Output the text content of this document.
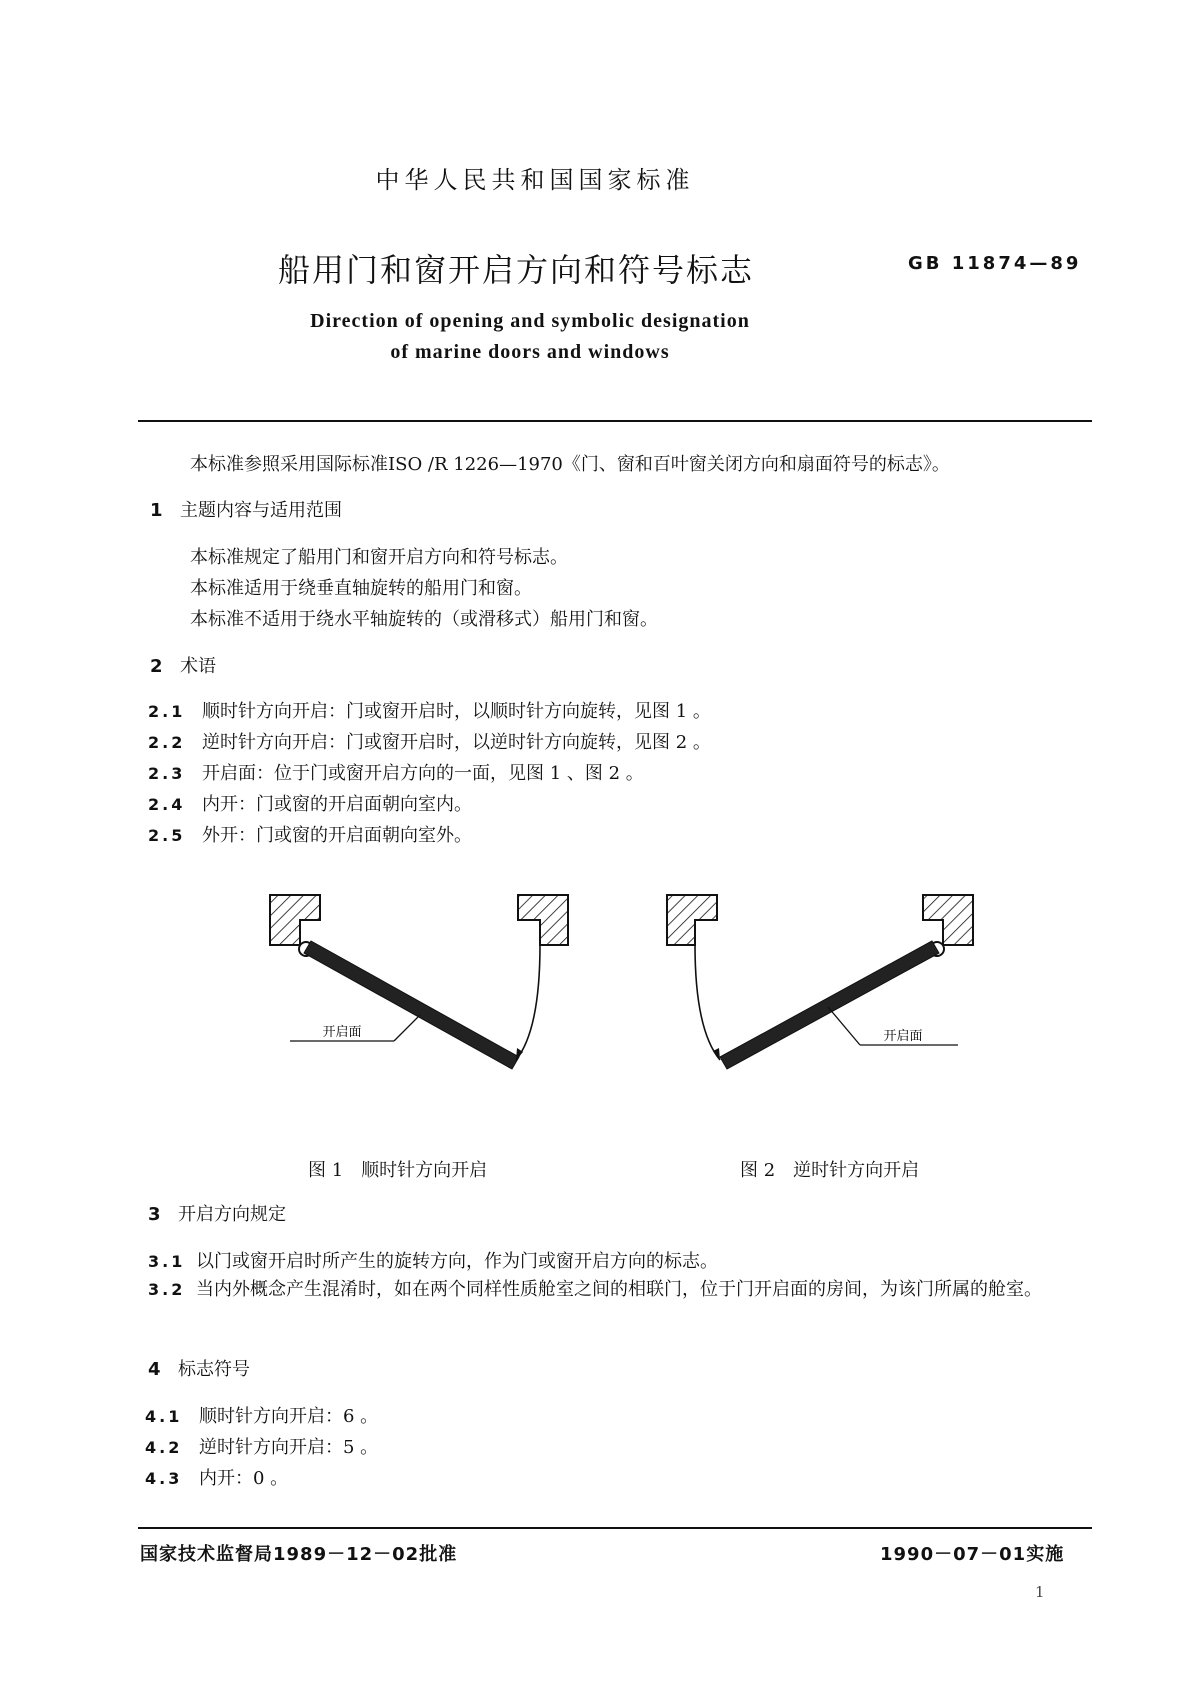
中华人民共和国国家标准
船用门和窗开启方向和符号标志	GB 11874—89
Direction of opening and symbolic designation
of marine doors and windows
本标准参照采用国际标准ISO /R 1226—1970《门、窗和百叶窗关闭方向和扇面符号的标志》。
1 主题内容与适用范围
本标准规定了船用门和窗开启方向和符号标志。
本标准适用于绕垂直轴旋转的船用门和窗。
本标准不适用于绕水平轴旋转的（或滑移式）船用门和窗。
2 术语
2.1 顺时针方向开启：门或窗开启时，以顺时针方向旋转，见图 1 。
2.2 逆时针方向开启：门或窗开启时，以逆时针方向旋转，见图 2 。
2.3 开启面：位于门或窗开启方向的一面，见图 1 、图 2 。
2.4 内开：门或窗的开启面朝向室内。
2.5 外开：门或窗的开启面朝向室外。
开启面	开启面
图 1　顺时针方向开启	图 2　逆时针方向开启
3 开启方向规定
3.1 以门或窗开启时所产生的旋转方向，作为门或窗开启方向的标志。
3.2 当内外概念产生混淆时，如在两个同样性质舱室之间的相联门，位于门开启面的房间，为该门所属的舱室。
4 标志符号
4.1 顺时针方向开启：6 。
4.2 逆时针方向开启：5 。
4.3 内开：0 。
国家技术监督局1989－12－02批准	1990－07－01实施
1
